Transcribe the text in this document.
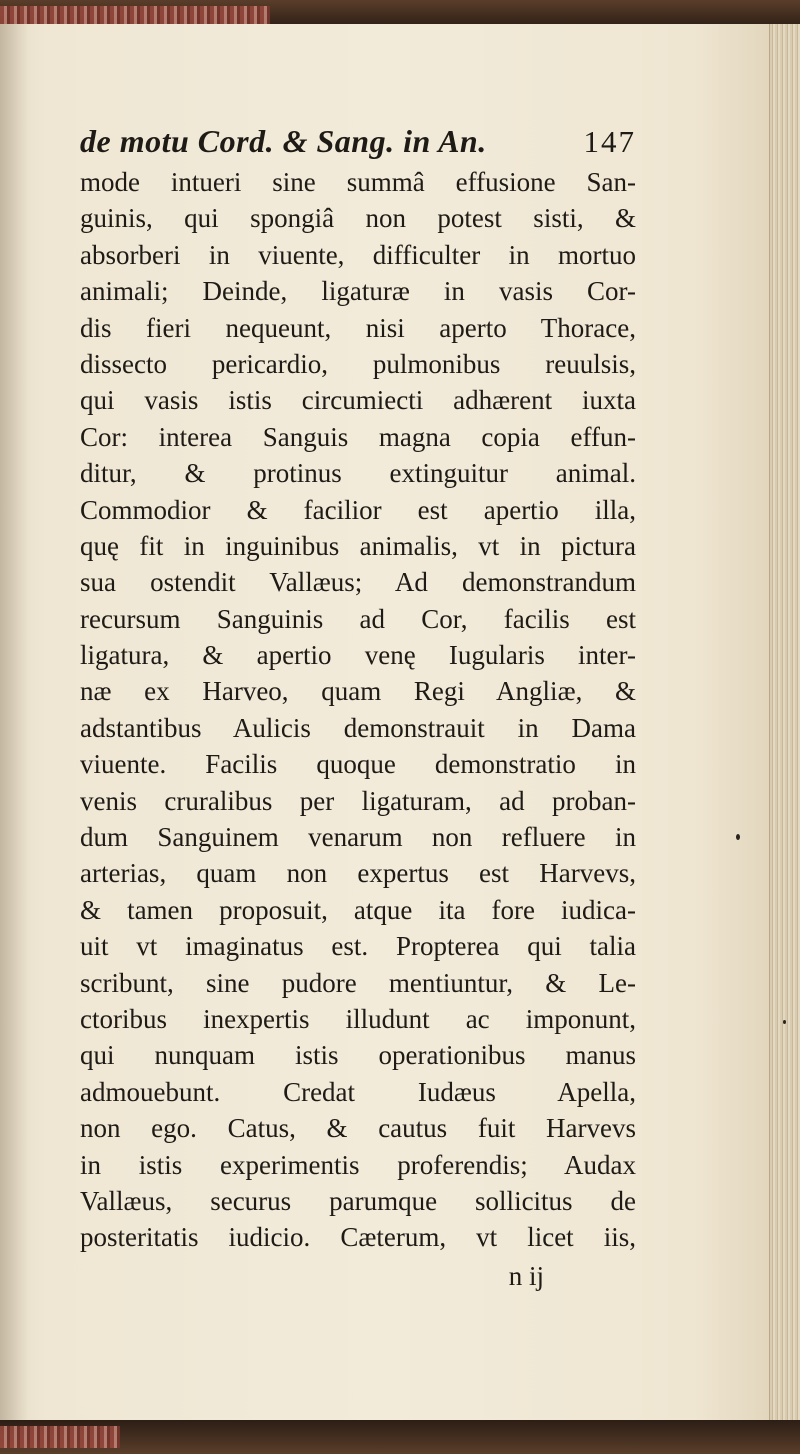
de motu Cord. & Sang. in An.	147
mode intueri sine summâ effusione San-
guinis, qui spongiâ non potest sisti, &
absorberi in viuente, difficulter in mortuo
animali; Deinde, ligaturæ in vasis Cor-
dis fieri nequeunt, nisi aperto Thorace,
dissecto pericardio, pulmonibus reuulsis,
qui vasis istis circumiecti adhærent iuxta
Cor: interea Sanguis magna copia effun-
ditur, & protinus extinguitur animal.
Commodior & facilior est apertio illa,
quę fit in inguinibus animalis, vt in pictura
sua ostendit Vallæus; Ad demonstrandum
recursum Sanguinis ad Cor, facilis est
ligatura, & apertio venę Iugularis inter-
næ ex Harveo, quam Regi Angliæ, &
adstantibus Aulicis demonstrauit in Dama
viuente. Facilis quoque demonstratio in
venis cruralibus per ligaturam, ad proban-
dum Sanguinem venarum non refluere in
arterias, quam non expertus est Harvevs,
& tamen proposuit, atque ita fore iudica-
uit vt imaginatus est. Propterea qui talia
scribunt, sine pudore mentiuntur, & Le-
ctoribus inexpertis illudunt ac imponunt,
qui nunquam istis operationibus manus
admouebunt. Credat Iudæus Apella,
non ego. Catus, & cautus fuit Harvevs
in istis experimentis proferendis; Audax
Vallæus, securus parumque sollicitus de
posteritatis iudicio. Cæterum, vt licet iis,
n ij
